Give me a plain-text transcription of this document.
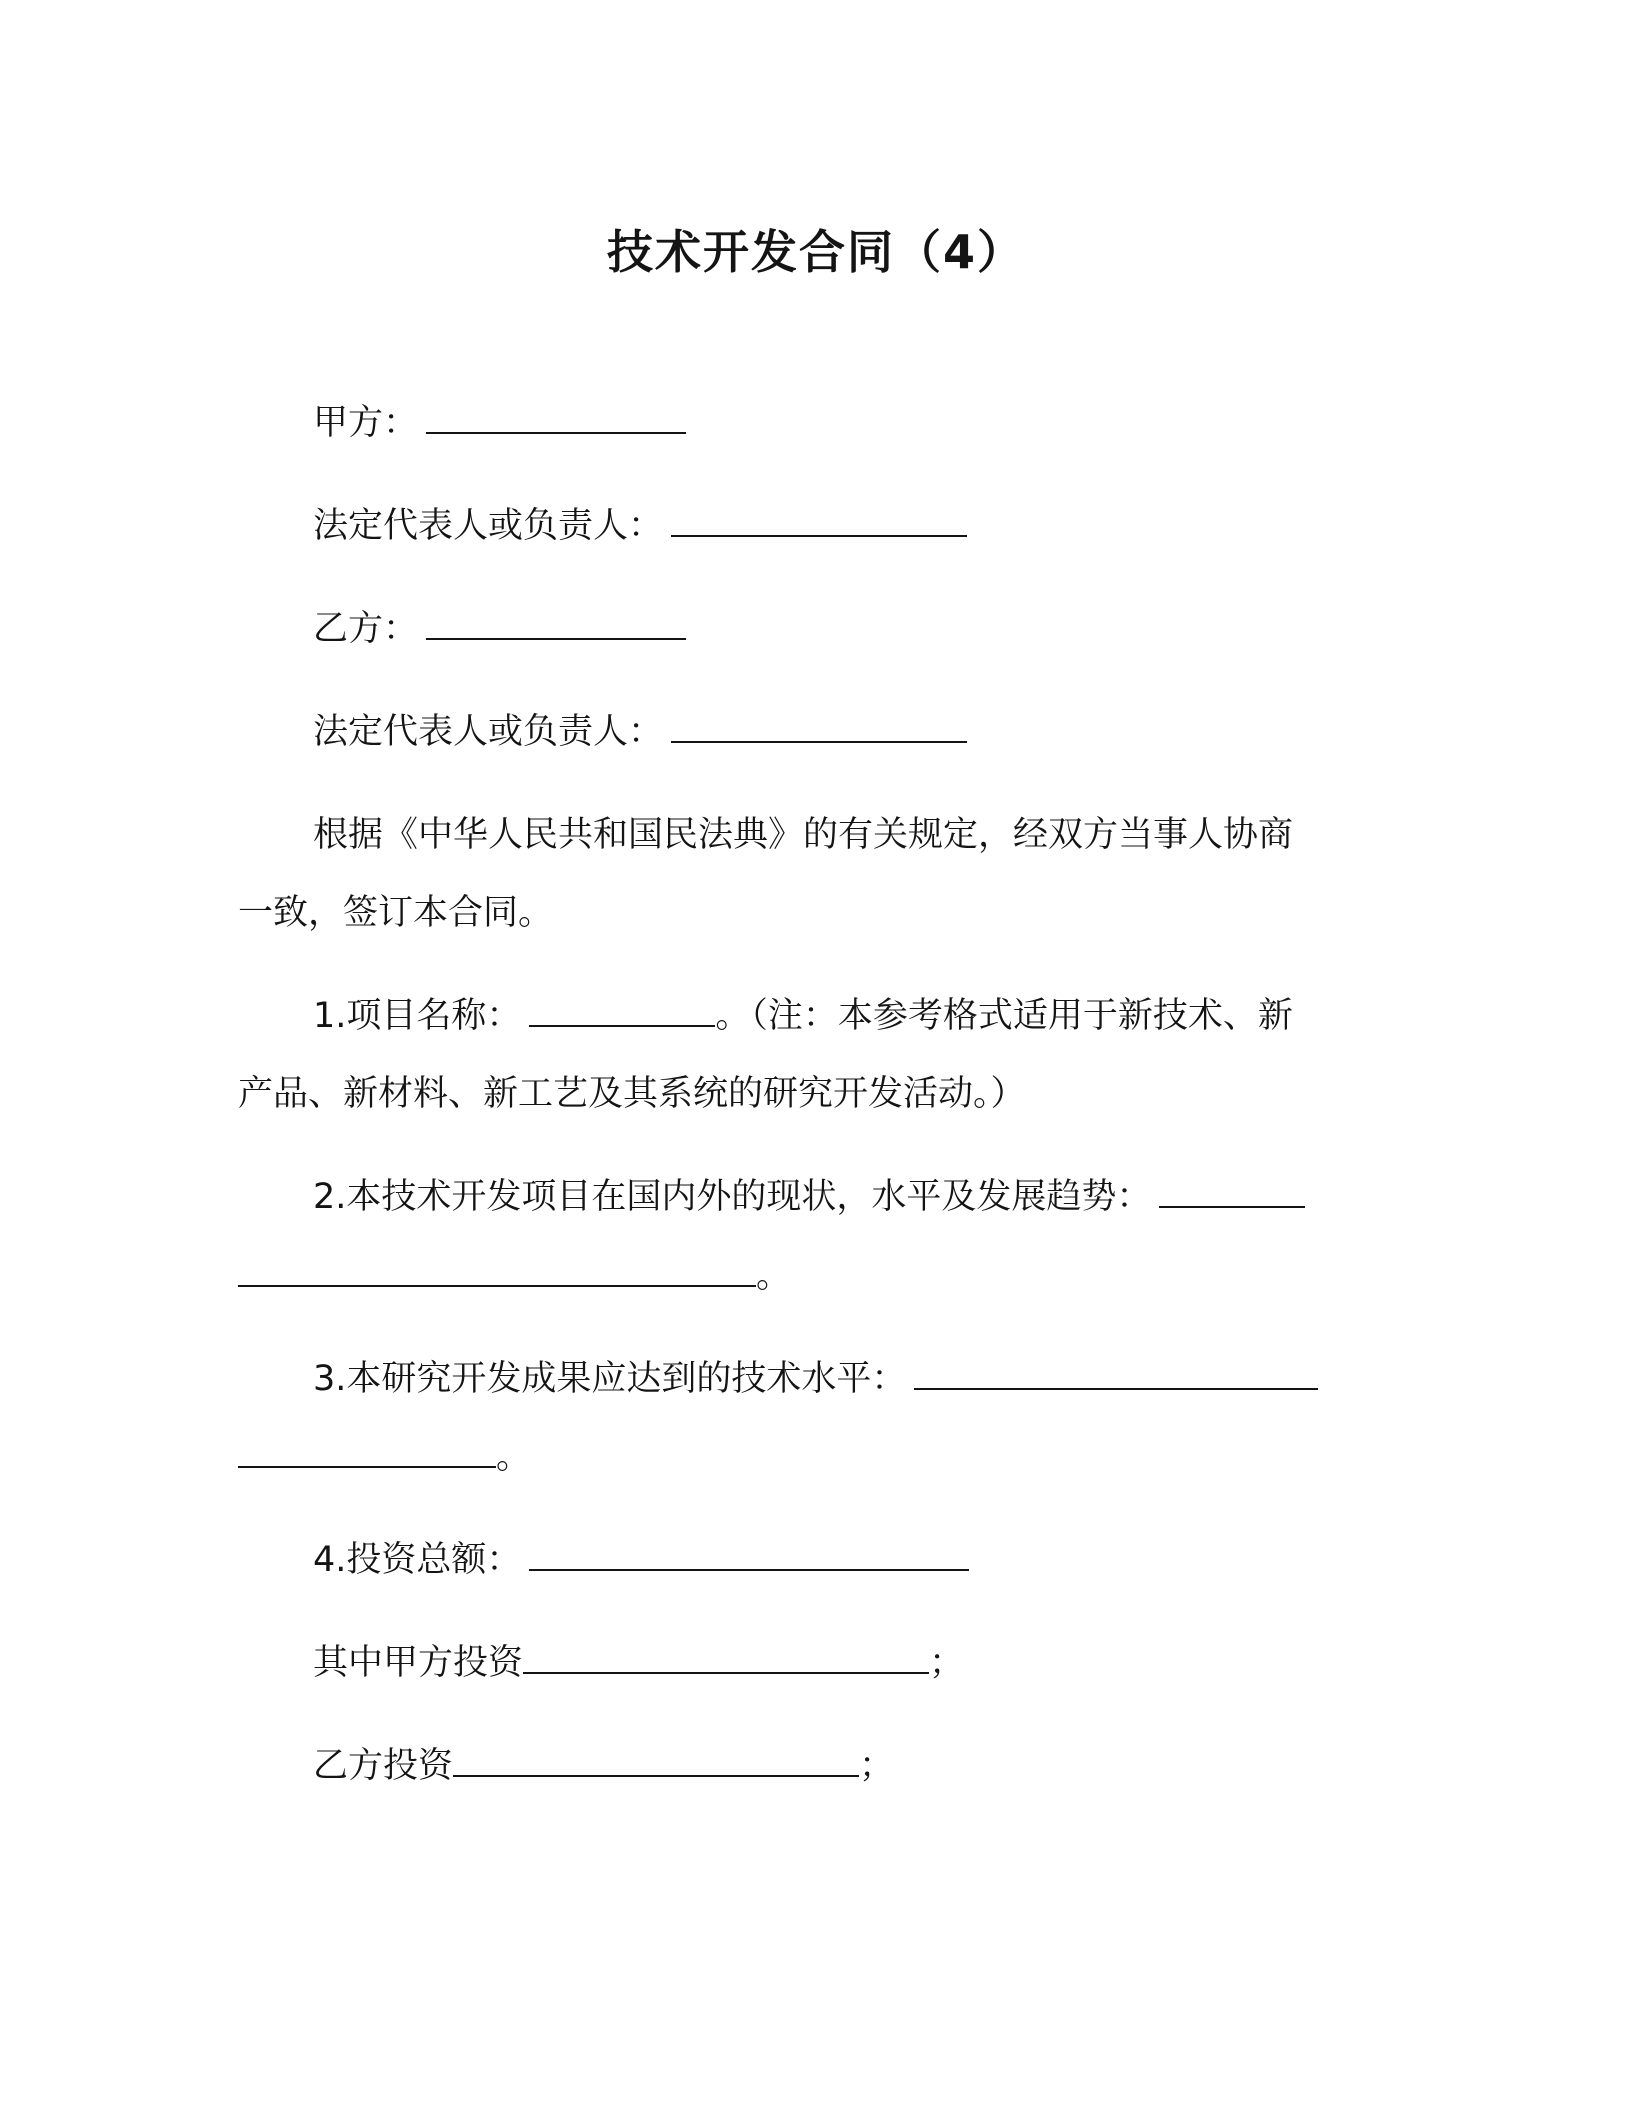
技术开发合同（4）
甲方：
法定代表人或负责人：
乙方：
法定代表人或负责人：
根据《中华人民共和国民法典》的有关规定，经双方当事人协商
一致，签订本合同。
1.项目名称：	。（注：本参考格式适用于新技术、新
产品、新材料、新工艺及其系统的研究开发活动。）
2.本技术开发项目在国内外的现状，水平及发展趋势：
。
3.本研究开发成果应达到的技术水平：
。
4.投资总额：
其中甲方投资	；
乙方投资	；
